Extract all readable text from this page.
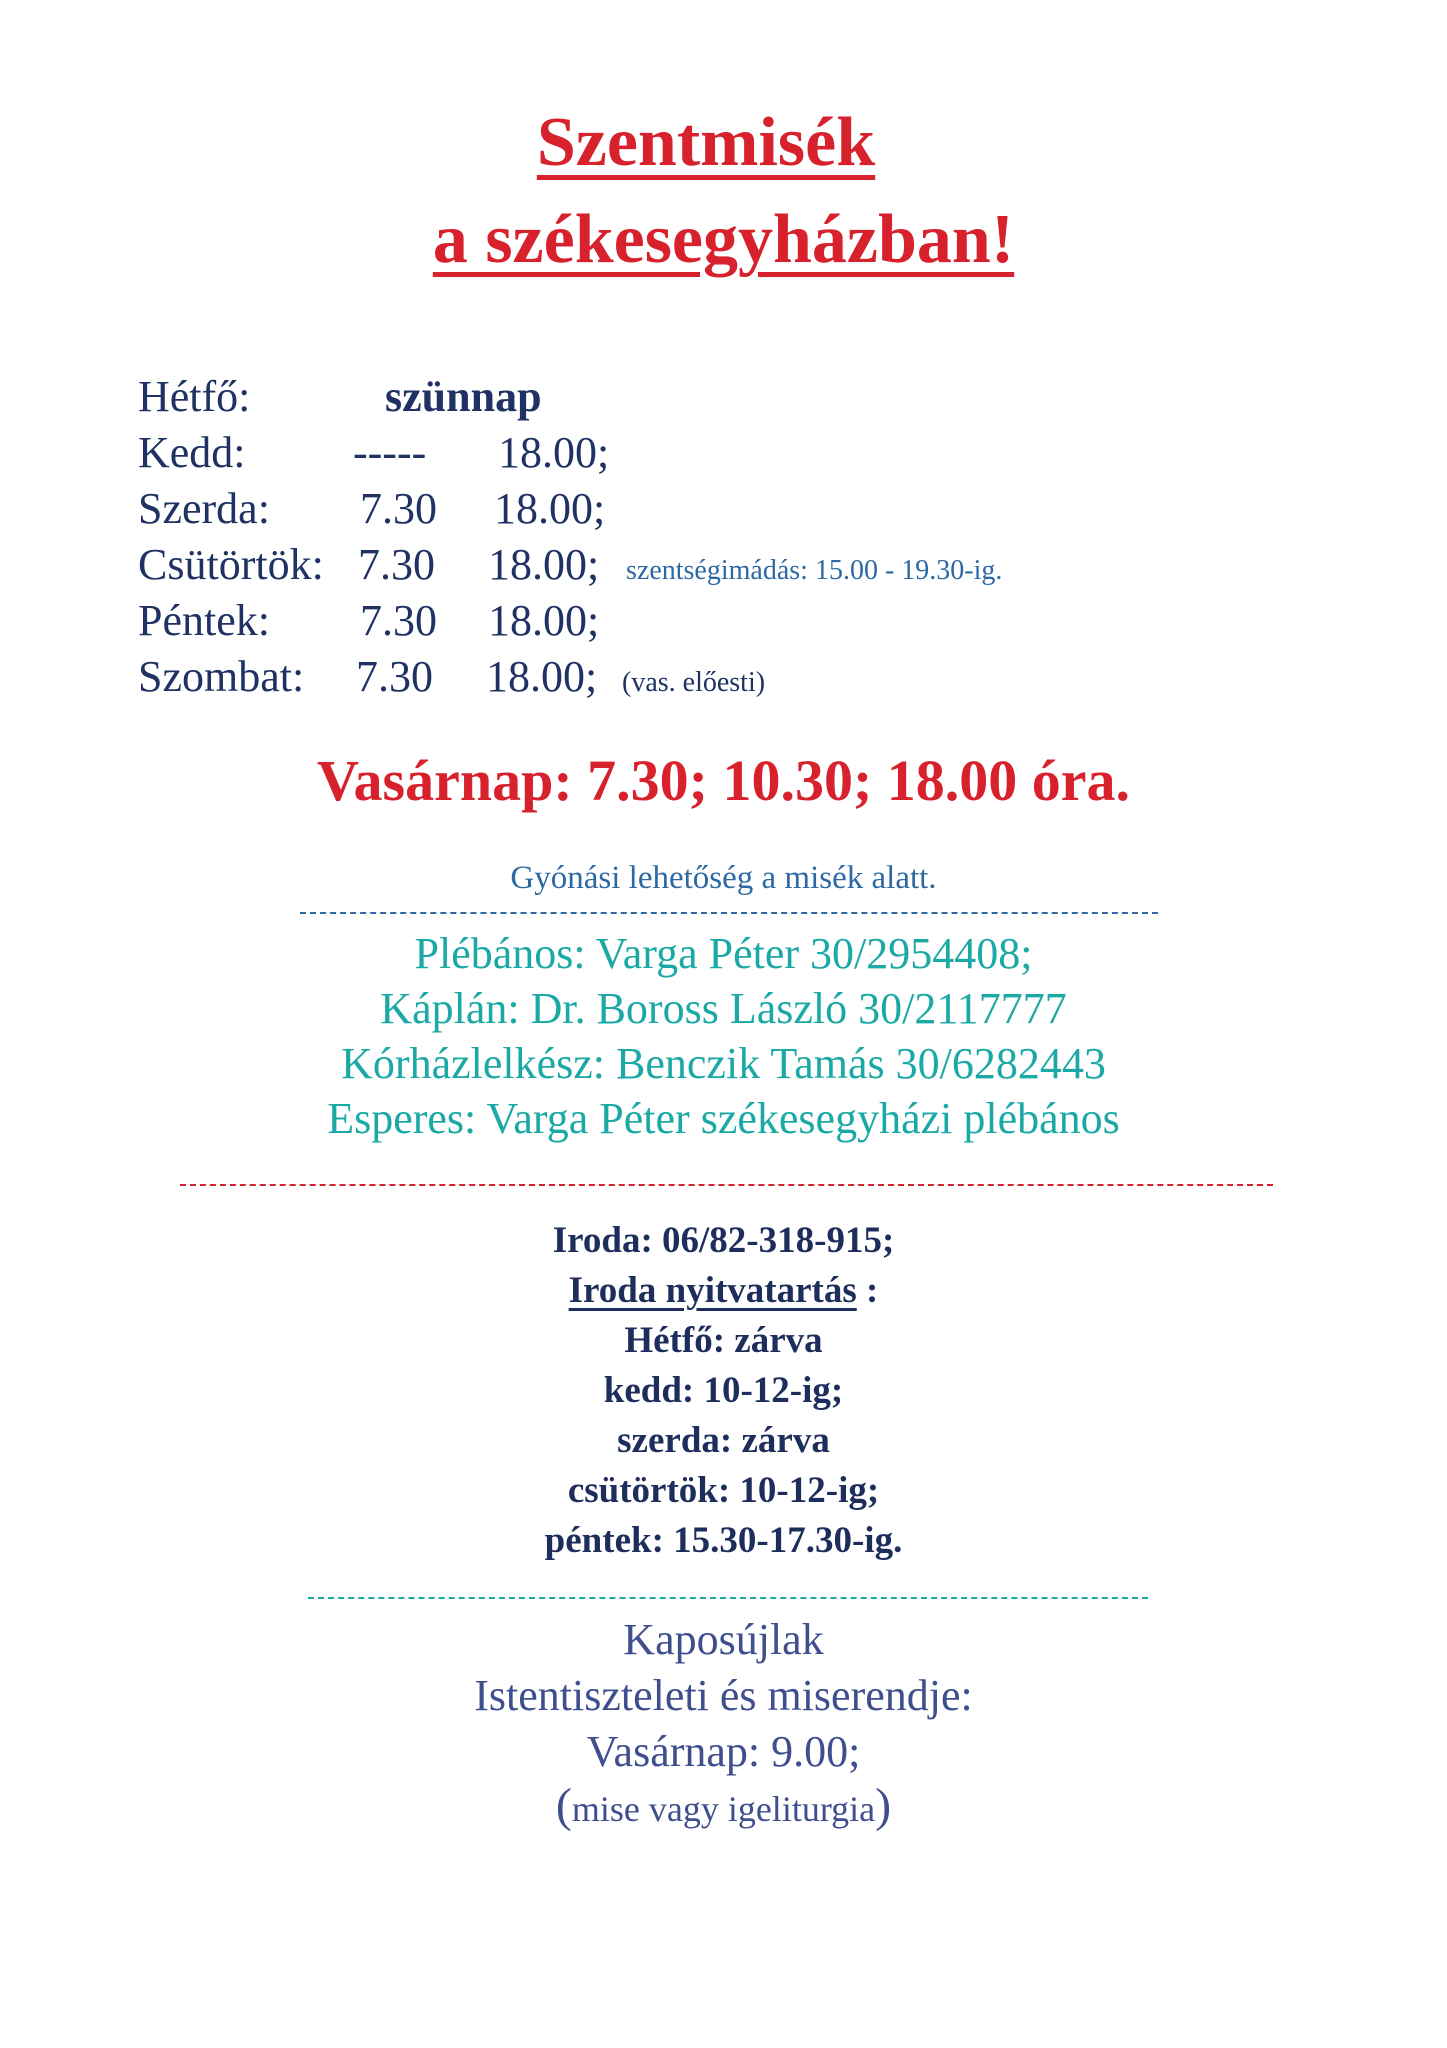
Szentmisék
a székesegyházban!
Hétfő:	szünnap
Kedd: ----- 18.00;
Szerda: 7.30 18.00;
Csütörtök: 7.30 18.00; szentségimádás: 15.00 - 19.30-ig.
Péntek: 7.30 18.00;
Szombat: 7.30 18.00; (vas. előesti)
Vasárnap: 7.30; 10.30; 18.00 óra.
Gyónási lehetőség a misék alatt.
Plébános: Varga Péter 30/2954408;
Káplán: Dr. Boross László 30/2117777
Kórházlelkész: Benczik Tamás 30/6282443
Esperes: Varga Péter székesegyházi plébános
Iroda: 06/82-318-915;
Iroda nyitvatartás :
Hétfő: zárva
kedd: 10-12-ig;
szerda: zárva
csütörtök: 10-12-ig;
péntek: 15.30-17.30-ig.
Kaposújlak
Istentiszteleti és miserendje:
Vasárnap: 9.00;
(mise vagy igeliturgia)
